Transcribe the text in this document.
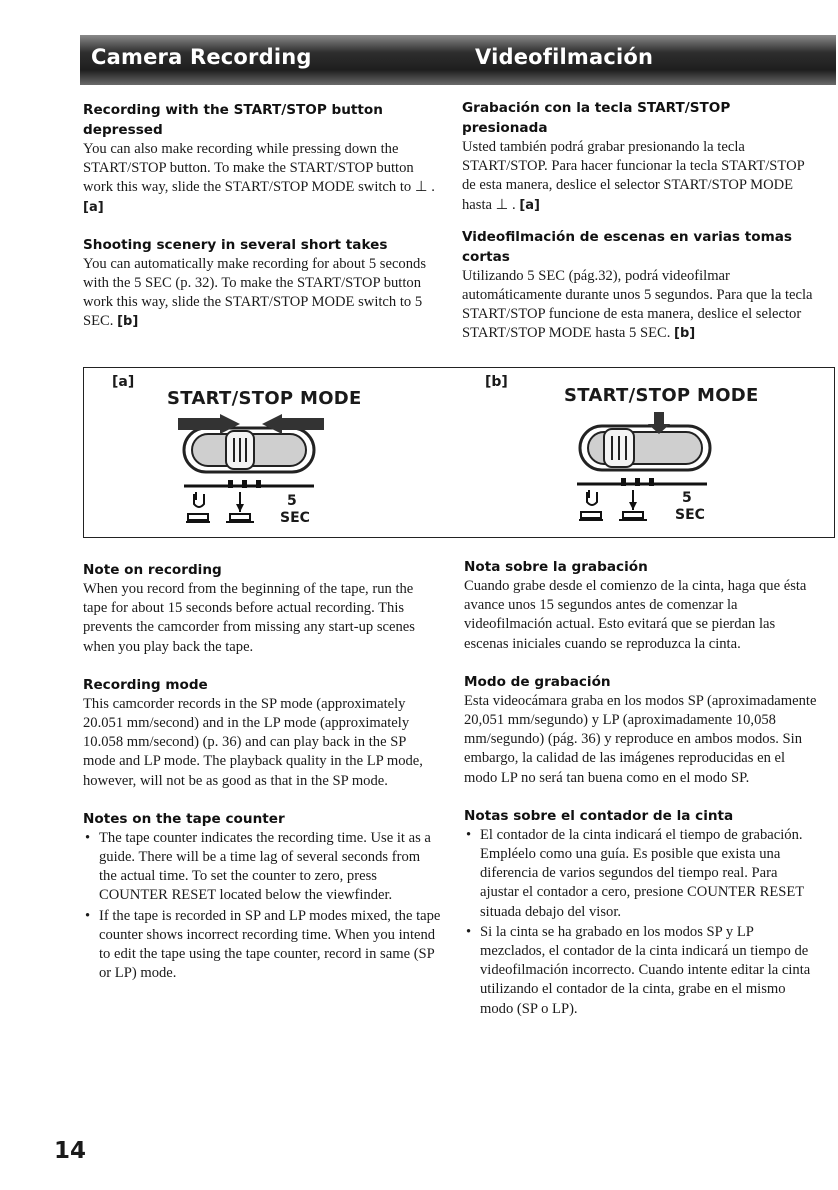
Camera Recording	Videofilmación
Recording with the START/STOP button depressed
You can also make recording while pressing down the START/STOP button. To make the START/STOP button work this way, slide the START/STOP MODE switch to ⊥ . [a]
Shooting scenery in several short takes
You can automatically make recording for about 5 seconds with the 5 SEC (p. 32). To make the START/STOP button work this way, slide the START/STOP MODE switch to 5 SEC. [b]
Grabación con la tecla START/STOP presionada
Usted también podrá grabar presionando la tecla START/STOP. Para hacer funcionar la tecla START/STOP de esta manera, deslice el selector START/STOP MODE hasta ⊥ . [a]
Videofilmación de escenas en varias tomas cortas
Utilizando 5 SEC (pág.32), podrá videofilmar automáticamente durante unos 5 segundos. Para que la tecla START/STOP funcione de esta manera, deslice el selector START/STOP MODE hasta 5 SEC. [b]
[a]
START/STOP MODE
5
SEC
[b]
START/STOP MODE
5
SEC
Note on recording
When you record from the beginning of the tape, run the tape for about 15 seconds before actual recording. This prevents the camcorder from missing any start-up scenes when you play back the tape.
Recording mode
This camcorder records in the SP mode (approximately 20.051 mm/second) and in the LP mode (approximately 10.058 mm/second) (p. 36) and can play back in the SP mode and LP mode. The playback quality in the LP mode, however, will not be as good as that in the SP mode.
Notes on the tape counter
• The tape counter indicates the recording time. Use it as a guide. There will be a time lag of several seconds from the actual time. To set the counter to zero, press COUNTER RESET located below the viewfinder.
• If the tape is recorded in SP and LP modes mixed, the tape counter shows incorrect recording time. When you intend to edit the tape using the tape counter, record in same (SP or LP) mode.
Nota sobre la grabación
Cuando grabe desde el comienzo de la cinta, haga que ésta avance unos 15 segundos antes de comenzar la videofilmación actual. Esto evitará que se pierdan las escenas iniciales cuando se reproduzca la cinta.
Modo de grabación
Esta videocámara graba en los modos SP (aproximadamente 20,051 mm/segundo) y LP (aproximadamente 10,058 mm/segundo) (pág. 36) y reproduce en ambos modos. Sin embargo, la calidad de las imágenes reproducidas en el modo LP no será tan buena como en el modo SP.
Notas sobre el contador de la cinta
• El contador de la cinta indicará el tiempo de grabación. Empléelo como una guía. Es posible que exista una diferencia de varios segundos del tiempo real. Para ajustar el contador a cero, presione COUNTER RESET situada debajo del visor.
• Si la cinta se ha grabado en los modos SP y LP mezclados, el contador de la cinta indicará un tiempo de videofilmación incorrecto. Cuando intente editar la cinta utilizando el contador de la cinta, grabe en el mismo modo (SP o LP).
14
